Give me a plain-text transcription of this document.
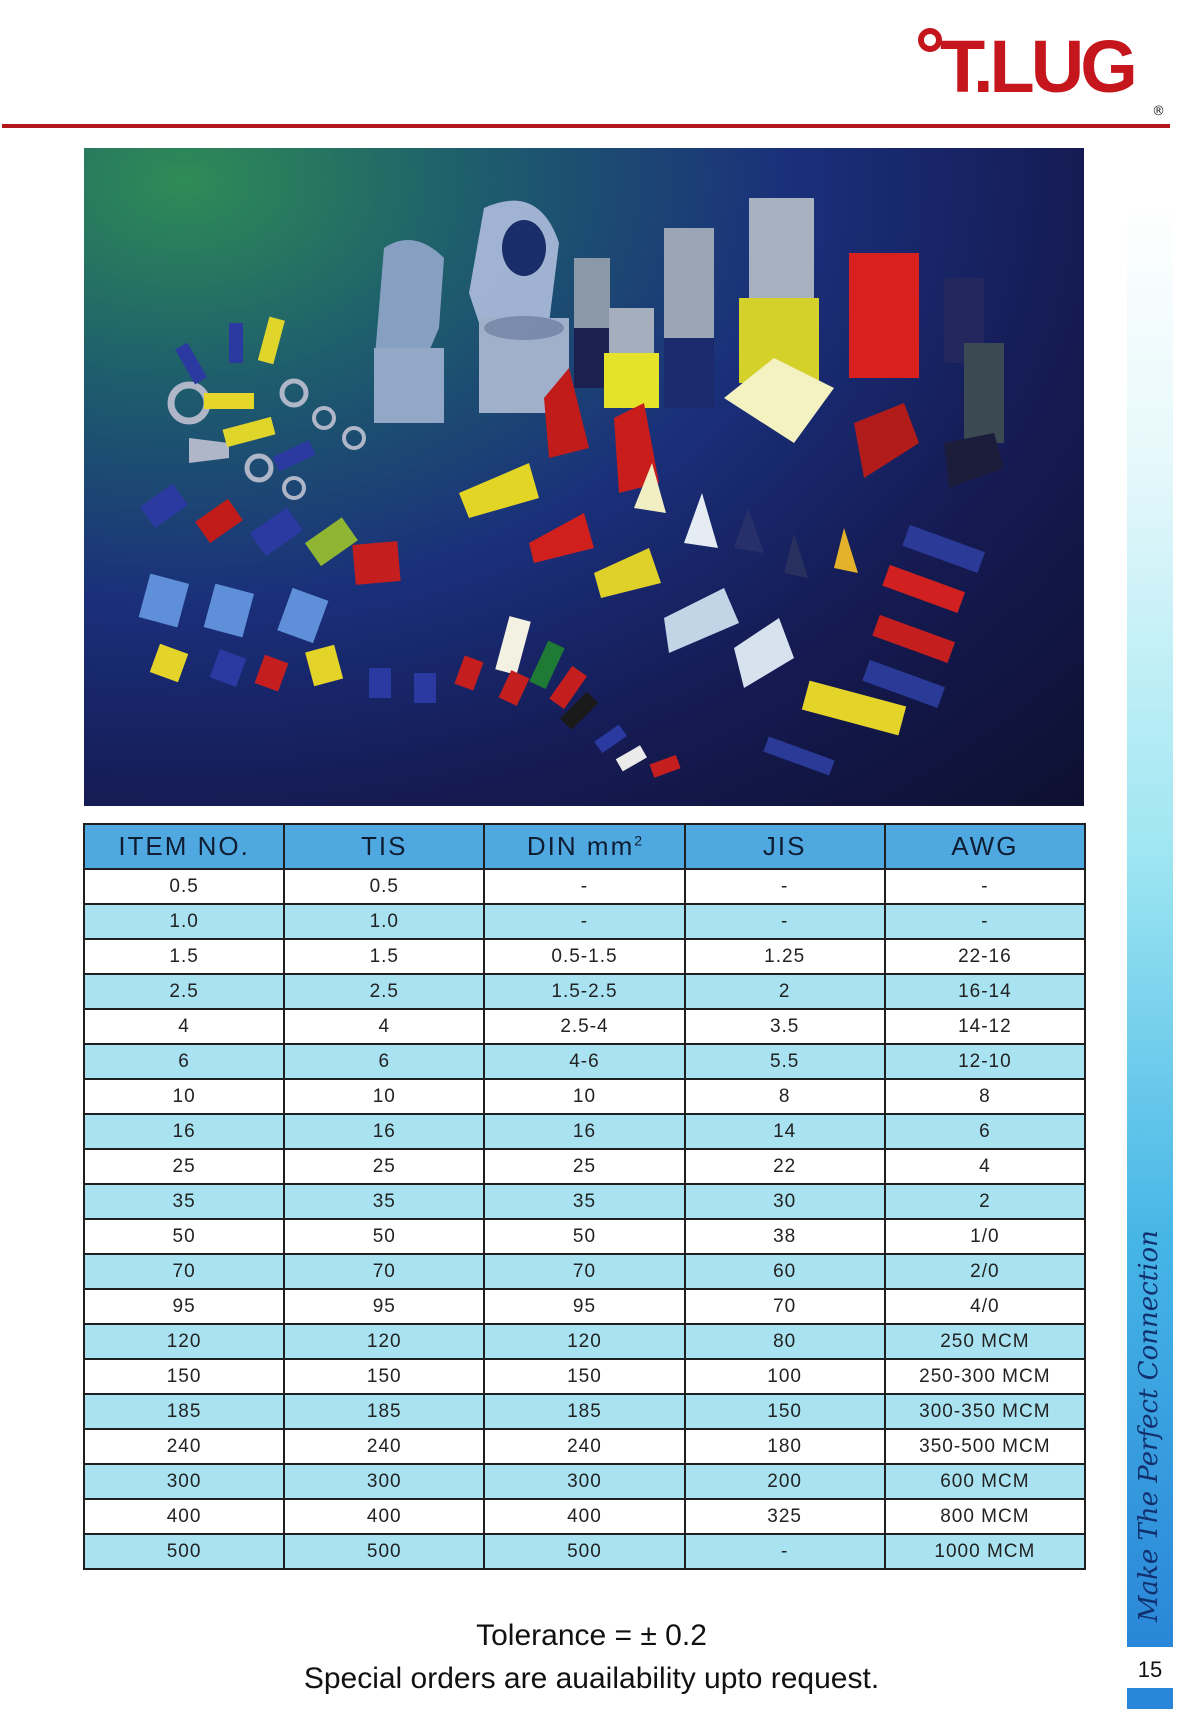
T.LUG
®
Make The Perfect Connection
15
ITEM NO.	TIS	DIN $mm^2$	JIS	AWG
0.5	0.5	-	-	-
1.0	1.0	-	-	-
1.5	1.5	0.5-1.5	1.25	22-16
2.5	2.5	1.5-2.5	2	16-14
4	4	2.5-4	3.5	14-12
6	6	4-6	5.5	12-10
10	10	10	8	8
16	16	16	14	6
25	25	25	22	4
35	35	35	30	2
50	50	50	38	1/0
70	70	70	60	2/0
95	95	95	70	4/0
120	120	120	80	250 MCM
150	150	150	100	250-300 MCM
185	185	185	150	300-350 MCM
240	240	240	180	350-500 MCM
300	300	300	200	600 MCM
400	400	400	325	800 MCM
500	500	500	-	1000 MCM
Tolerance = ± 0.2
Special orders are auailability upto request.
